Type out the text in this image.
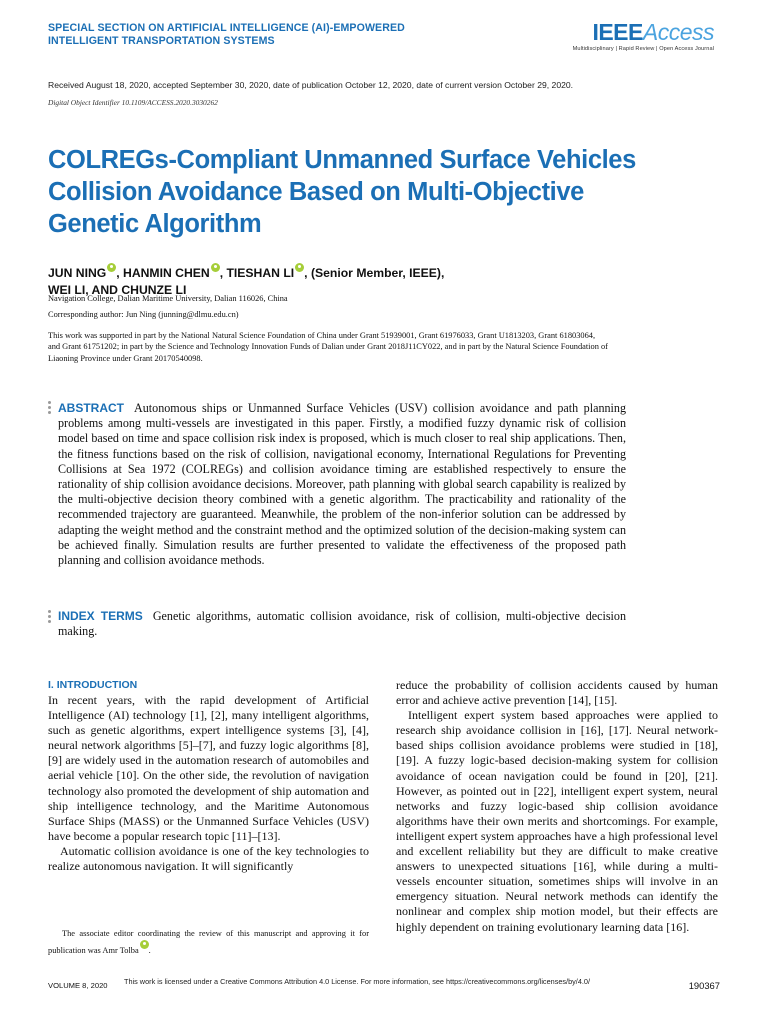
SPECIAL SECTION ON ARTIFICIAL INTELLIGENCE (AI)-EMPOWERED
INTELLIGENT TRANSPORTATION SYSTEMS	IEEEAccess
Multidisciplinary | Rapid Review | Open Access Journal
Received August 18, 2020, accepted September 30, 2020, date of publication October 12, 2020, date of current version October 29, 2020.
Digital Object Identifier 10.1109/ACCESS.2020.3030262
COLREGs-Compliant Unmanned Surface Vehicles
Collision Avoidance Based on Multi-Objective
Genetic Algorithm
JUN NING , HANMIN CHEN , TIESHAN LI , (Senior Member, IEEE),
WEI LI, AND CHUNZE LI
Navigation College, Dalian Maritime University, Dalian 116026, China
Corresponding author: Jun Ning (junning@dlmu.edu.cn)
This work was supported in part by the National Natural Science Foundation of China under Grant 51939001, Grant 61976033, Grant U1813203, Grant 61803064, and Grant 61751202; in part by the Science and Technology Innovation Funds of Dalian under Grant 2018J11CY022, and in part by the Natural Science Foundation of Liaoning Province under Grant 20170540098.
ABSTRACT Autonomous ships or Unmanned Surface Vehicles (USV) collision avoidance and path planning problems among multi-vessels are investigated in this paper. Firstly, a modified fuzzy dynamic risk of collision model based on time and space collision risk index is proposed, which is much closer to real ship applications. Then, the fitness functions based on the risk of collision, navigational economy, International Regulations for Preventing Collisions at Sea 1972 (COLREGs) and collision avoidance timing are established respectively to ensure the rationality of ship collision avoidance decisions. Moreover, path planning with global search capability is realized by the multi-objective decision theory combined with a genetic algorithm. The practicability and rationality of the recommended trajectory are guaranteed. Meanwhile, the problem of the non-inferior solution can be addressed by adapting the weight method and the constraint method and the optimized solution of the decision-making system can be achieved finally. Simulation results are further presented to validate the effectiveness of the proposed path planning and collision avoidance methods.
INDEX TERMS Genetic algorithms, automatic collision avoidance, risk of collision, multi-objective decision making.
I. INTRODUCTION

In recent years, with the rapid development of Artificial Intelligence (AI) technology [1], [2], many intelligent algorithms, such as genetic algorithms, expert intelligence systems [3], [4], neural network algorithms [5]–[7], and fuzzy logic algorithms [8], [9] are widely used in the automation research of automobiles and aerial vehicle [10]. On the other side, the revolution of navigation technology also promoted the development of ship automation and ship intelligence technology, and the Maritime Autonomous Surface Ships (MASS) or the Unmanned Surface Vehicles (USV) have become a popular research topic [11]–[13].

Automatic collision avoidance is one of the key technologies to realize autonomous navigation. It will significantly

reduce the probability of collision accidents caused by human error and achieve active prevention [14], [15].

Intelligent expert system based approaches were applied to research ship avoidance collision in [16], [17]. Neural network-based ships collision avoidance problems were studied in [18], [19]. A fuzzy logic-based decision-making system for collision avoidance of ocean navigation could be found in [20], [21]. However, as pointed out in [22], intelligent expert system, neural networks and fuzzy logic-based ship collision avoidance algorithms have their own merits and shortcomings. For example, intelligent expert system approaches have a high professional level and excellent reliability but they are difficult to make creative answers to unexpected situations [16], while during a multi-vessels encounter situation, sometimes ships will involve in an emergency situation. Neural network methods can identify the nonlinear and complex ship motion model, but their effects are highly dependent on training evolutionary learning data [16].

The associate editor coordinating the review of this manuscript and approving it for publication was Amr Tolba .
VOLUME 8, 2020 This work is licensed under a Creative Commons Attribution 4.0 License. For more information, see https://creativecommons.org/licenses/by/4.0/	190367
